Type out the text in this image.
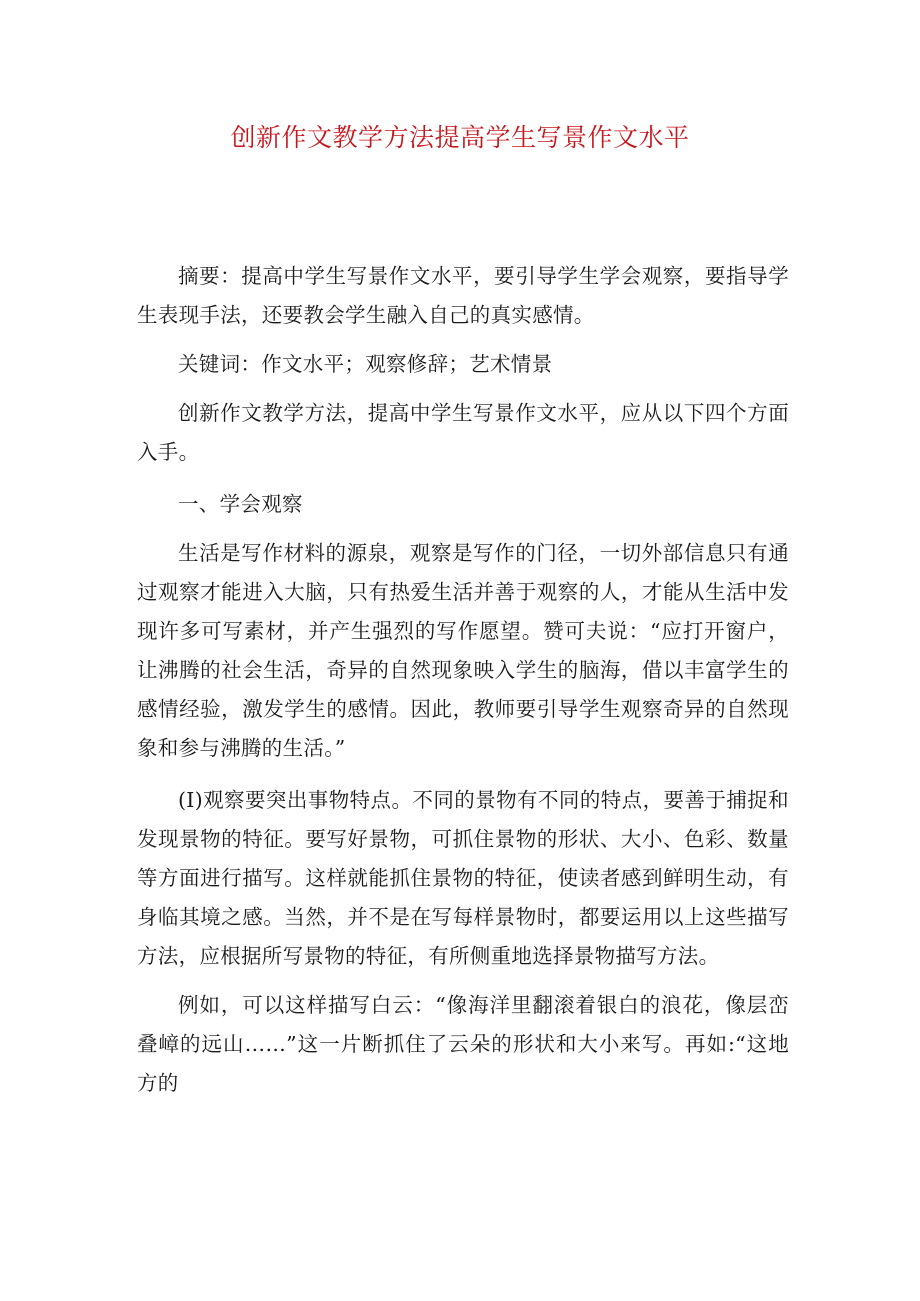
创新作文教学方法提高学生写景作文水平

摘要：提高中学生写景作文水平，要引导学生学会观察，要指导学生表现手法，还要教会学生融入自己的真实感情。

关键词：作文水平；观察修辞；艺术情景

创新作文教学方法，提高中学生写景作文水平，应从以下四个方面入手。

一、学会观察

生活是写作材料的源泉，观察是写作的门径，一切外部信息只有通过观察才能进入大脑，只有热爱生活并善于观察的人，才能从生活中发现许多可写素材，并产生强烈的写作愿望。赞可夫说：“应打开窗户，让沸腾的社会生活，奇异的自然现象映入学生的脑海，借以丰富学生的感情经验，激发学生的感情。因此，教师要引导学生观察奇异的自然现象和参与沸腾的生活。”

(I)观察要突出事物特点。不同的景物有不同的特点，要善于捕捉和发现景物的特征。要写好景物，可抓住景物的形状、大小、色彩、数量等方面进行描写。这样就能抓住景物的特征，使读者感到鲜明生动，有身临其境之感。当然，并不是在写每样景物时，都要运用以上这些描写方法，应根据所写景物的特征，有所侧重地选择景物描写方法。

例如，可以这样描写白云：“像海洋里翻滚着银白的浪花，像层峦叠嶂的远山……”这一片断抓住了云朵的形状和大小来写。再如:“这地方的
